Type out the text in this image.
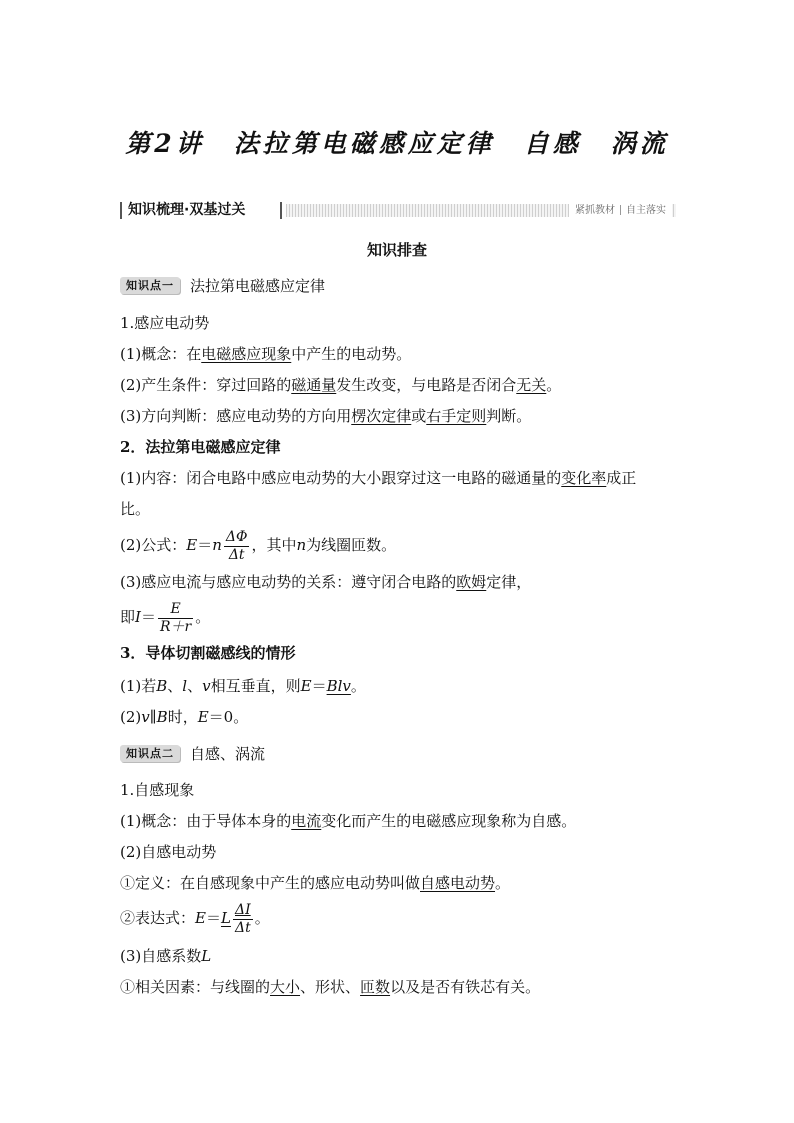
第2讲　法拉第电磁感应定律　自感　涡流
知识梳理·双基过关	紧抓教材 自主落实
知识排查
知识点一 法拉第电磁感应定律
1.感应电动势
(1)概念：在电磁感应现象中产生的电动势。
(2)产生条件：穿过回路的磁通量发生改变，与电路是否闭合无关。
(3)方向判断：感应电动势的方向用楞次定律或右手定则判断。
2．法拉第电磁感应定律
(1)内容：闭合电路中感应电动势的大小跟穿过这一电路的磁通量的变化率成正
比。
(2)公式：$E=n \frac{\Delta\Phi}{\Delta t}$ ，其中n为线圈匝数。
(3)感应电流与感应电动势的关系：遵守闭合电路的欧姆定律，
即$I= \frac{E}{R+r}$ 。
3．导体切割磁感线的情形
(1)若B、l、v相互垂直，则E＝Blv。
(2)v∥B时，E＝0。
知识点二 自感、涡流
1.自感现象
(1)概念：由于导体本身的电流变化而产生的电磁感应现象称为自感。
(2)自感电动势
①定义：在自感现象中产生的感应电动势叫做自感电动势。
②表达式：$E=L \frac{\Delta I}{\Delta t}$ 。
(3)自感系数L
①相关因素：与线圈的大小、形状、匝数以及是否有铁芯有关。
